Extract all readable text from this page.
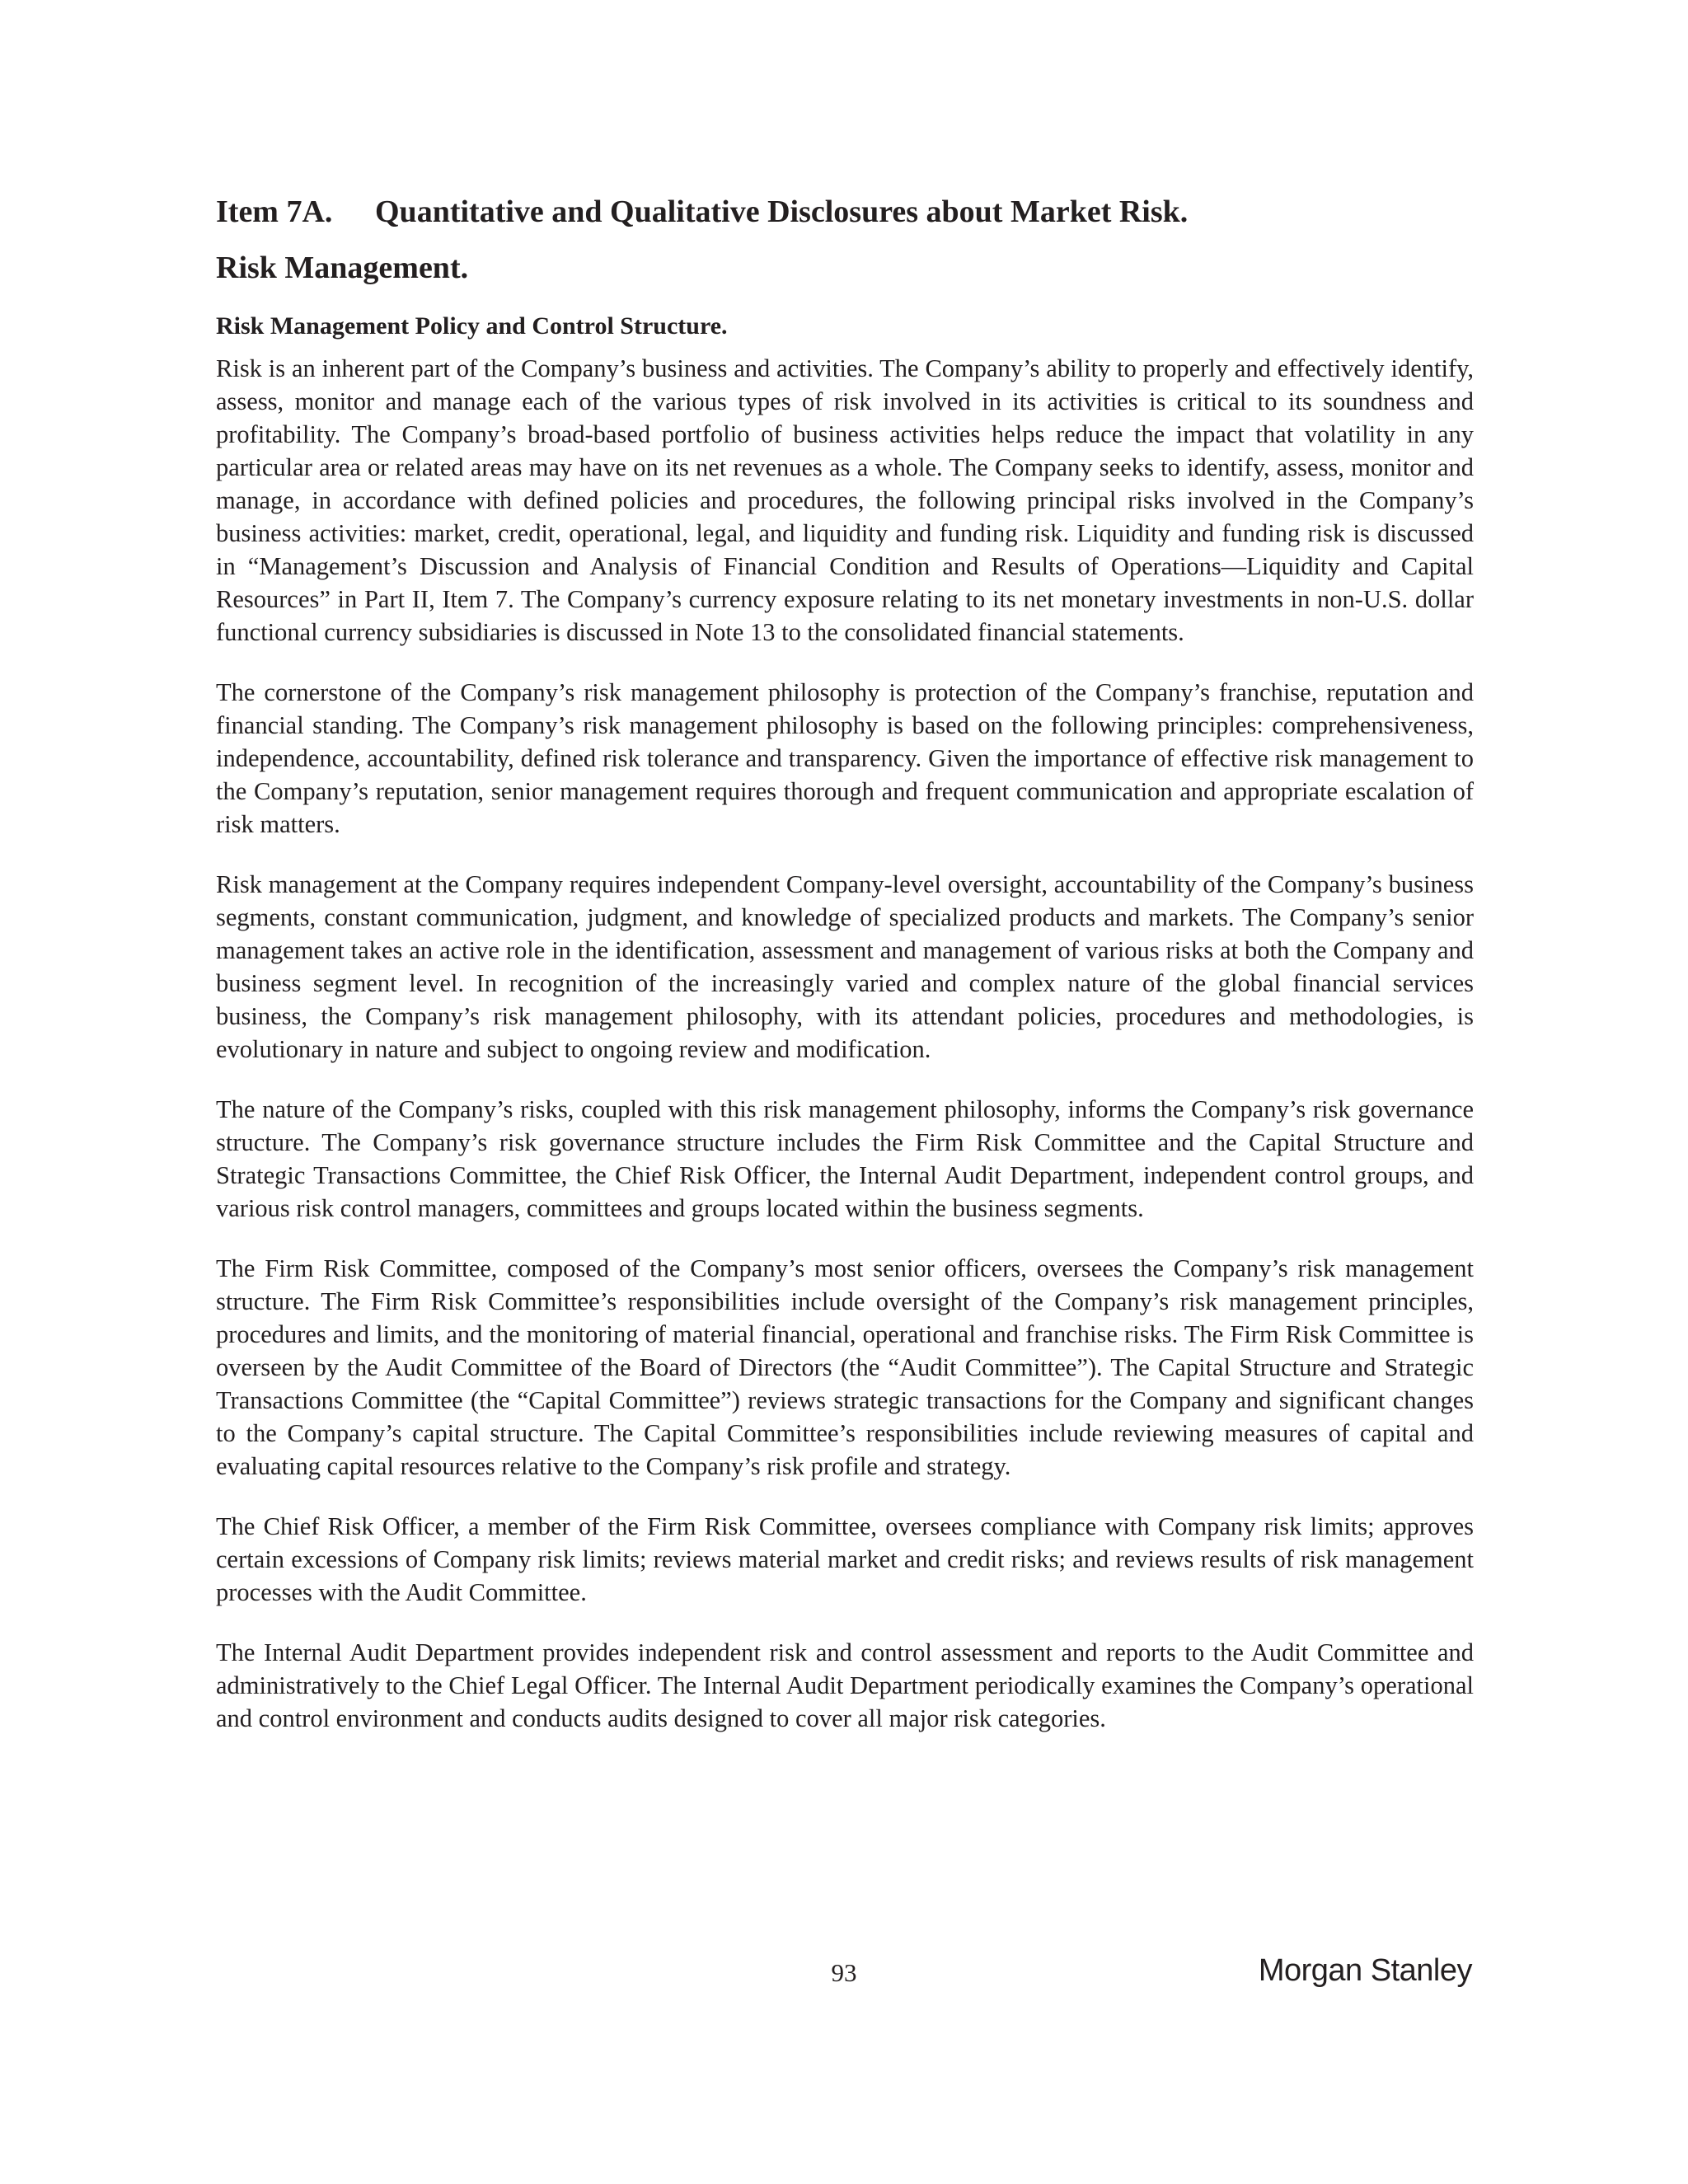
Item 7A. Quantitative and Qualitative Disclosures about Market Risk.
Risk Management.
Risk Management Policy and Control Structure.

Risk is an inherent part of the Company’s business and activities. The Company’s ability to properly and effectively identify, assess, monitor and manage each of the various types of risk involved in its activities is critical to its soundness and profitability. The Company’s broad-based portfolio of business activities helps reduce the impact that volatility in any particular area or related areas may have on its net revenues as a whole. The Company seeks to identify, assess, monitor and manage, in accordance with defined policies and procedures, the following principal risks involved in the Company’s business activities: market, credit, operational, legal, and liquidity and funding risk. Liquidity and funding risk is discussed in “Management’s Discussion and Analysis of Financial Condition and Results of Operations—Liquidity and Capital Resources” in Part II, Item 7. The Company’s currency exposure relating to its net monetary investments in non-U.S. dollar functional currency subsidiaries is discussed in Note 13 to the consolidated financial statements.

The cornerstone of the Company’s risk management philosophy is protection of the Company’s franchise, reputation and financial standing. The Company’s risk management philosophy is based on the following principles: comprehensiveness, independence, accountability, defined risk tolerance and transparency. Given the importance of effective risk management to the Company’s reputation, senior management requires thorough and frequent communication and appropriate escalation of risk matters.

Risk management at the Company requires independent Company-level oversight, accountability of the Company’s business segments, constant communication, judgment, and knowledge of specialized products and markets. The Company’s senior management takes an active role in the identification, assessment and management of various risks at both the Company and business segment level. In recognition of the increasingly varied and complex nature of the global financial services business, the Company’s risk management philosophy, with its attendant policies, procedures and methodologies, is evolutionary in nature and subject to ongoing review and modification.

The nature of the Company’s risks, coupled with this risk management philosophy, informs the Company’s risk governance structure. The Company’s risk governance structure includes the Firm Risk Committee and the Capital Structure and Strategic Transactions Committee, the Chief Risk Officer, the Internal Audit Department, independent control groups, and various risk control managers, committees and groups located within the business segments.

The Firm Risk Committee, composed of the Company’s most senior officers, oversees the Company’s risk management structure. The Firm Risk Committee’s responsibilities include oversight of the Company’s risk management principles, procedures and limits, and the monitoring of material financial, operational and franchise risks. The Firm Risk Committee is overseen by the Audit Committee of the Board of Directors (the “Audit Committee”). The Capital Structure and Strategic Transactions Committee (the “Capital Committee”) reviews strategic transactions for the Company and significant changes to the Company’s capital structure. The Capital Committee’s responsibilities include reviewing measures of capital and evaluating capital resources relative to the Company’s risk profile and strategy.

The Chief Risk Officer, a member of the Firm Risk Committee, oversees compliance with Company risk limits; approves certain excessions of Company risk limits; reviews material market and credit risks; and reviews results of risk management processes with the Audit Committee.

The Internal Audit Department provides independent risk and control assessment and reports to the Audit Committee and administratively to the Chief Legal Officer. The Internal Audit Department periodically examines the Company’s operational and control environment and conducts audits designed to cover all major risk categories.

93	Morgan Stanley
